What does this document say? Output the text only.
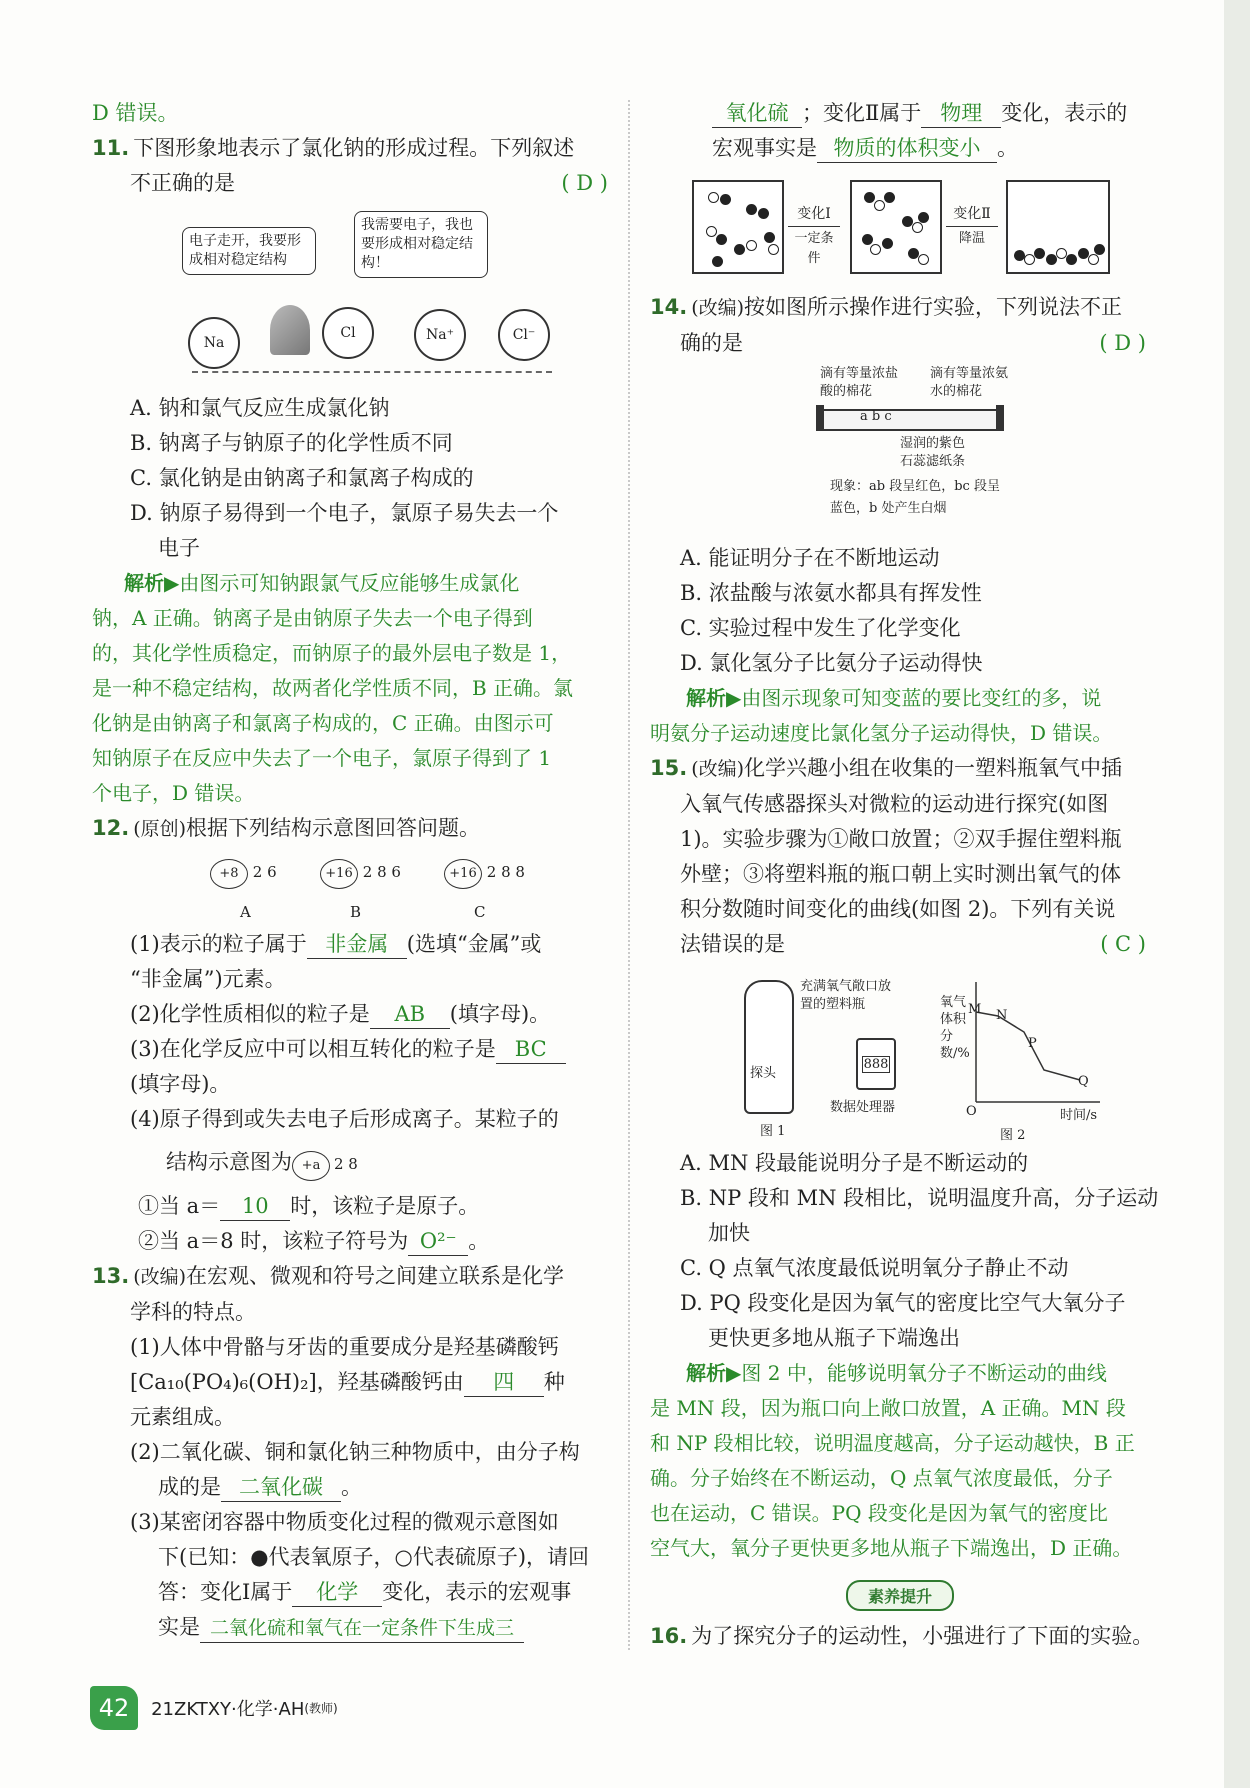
D 错误。
11. 下图形象地表示了氯化钠的形成过程。下列叙述
不正确的是	( D )
电子走开，我要形成相对稳定结构
我需要电子，我也要形成相对稳定结构！
Na
Cl	Na⁺	Cl⁻
A. 钠和氯气反应生成氯化钠
B. 钠离子与钠原子的化学性质不同
C. 氯化钠是由钠离子和氯离子构成的
D. 钠原子易得到一个电子，氯原子易失去一个
电子
解析▶由图示可知钠跟氯气反应能够生成氯化
钠，A 正确。钠离子是由钠原子失去一个电子得到
的，其化学性质稳定，而钠原子的最外层电子数是 1，
是一种不稳定结构，故两者化学性质不同，B 正确。氯
化钠是由钠离子和氯离子构成的，C 正确。由图示可
知钠原子在反应中失去了一个电子，氯原子得到了 1
个电子，D 错误。
12. (原创)根据下列结构示意图回答问题。
+8 2 6
A
+16 2 8 6
B
+16 2 8 8
C
(1)表示的粒子属于 非金属 (选填“金属”或
“非金属”)元素。
(2)化学性质相似的粒子是 AB (填字母)。
(3)在化学反应中可以相互转化的粒子是 BC
(填字母)。
(4)原子得到或失去电子后形成离子。某粒子的
结构示意图为 +a 2 8
①当 a＝ 10 时，该粒子是原子。
②当 a＝8 时，该粒子符号为 O²⁻ 。
13. (改编)在宏观、微观和符号之间建立联系是化学
学科的特点。
(1)人体中骨骼与牙齿的重要成分是羟基磷酸钙
[Ca₁₀(PO₄)₆(OH)₂]，羟基磷酸钙由 四 种
元素组成。
(2)二氧化碳、铜和氯化钠三种物质中，由分子构
成的是 二氧化碳 。
(3)某密闭容器中物质变化过程的微观示意图如
下(已知：●代表氧原子，○代表硫原子)，请回
答：变化Ⅰ属于 化学 变化，表示的宏观事
实是 二氧化硫和氧气在一定条件下生成三
氧化硫 ；变化Ⅱ属于 物理 变化，表示的
宏观事实是 物质的体积变小 。
变化Ⅰ
一定条件
变化Ⅱ
降温
14. (改编)按如图所示操作进行实验，下列说法不正
确的是	( D )
滴有等量浓盐酸的棉花
滴有等量浓氨水的棉花
a b c
湿润的紫色石蕊滤纸条
现象：ab 段呈红色，bc 段呈
蓝色，b 处产生白烟
A. 能证明分子在不断地运动
B. 浓盐酸与浓氨水都具有挥发性
C. 实验过程中发生了化学变化
D. 氯化氢分子比氨分子运动得快
解析▶由图示现象可知变蓝的要比变红的多，说
明氨分子运动速度比氯化氢分子运动得快，D 错误。
15. (改编)化学兴趣小组在收集的一塑料瓶氧气中插
入氧气传感器探头对微粒的运动进行探究(如图
1)。实验步骤为①敞口放置；②双手握住塑料瓶
外壁；③将塑料瓶的瓶口朝上实时测出氧气的体
积分数随时间变化的曲线(如图 2)。下列有关说
法错误的是	( C )
探头
充满氧气敞口放置的塑料瓶
888
数据处理器
图 1
氧气体积分数/%
M N
P
Q
O	时间/s
图 2
A. MN 段最能说明分子是不断运动的
B. NP 段和 MN 段相比，说明温度升高，分子运动
加快
C. Q 点氧气浓度最低说明氧分子静止不动
D. PQ 段变化是因为氧气的密度比空气大氧分子
更快更多地从瓶子下端逸出
解析▶图 2 中，能够说明氧分子不断运动的曲线
是 MN 段，因为瓶口向上敞口放置，A 正确。MN 段
和 NP 段相比较，说明温度越高，分子运动越快，B 正
确。分子始终在不断运动，Q 点氧气浓度最低，分子
也在运动，C 错误。PQ 段变化是因为氧气的密度比
空气大，氧分子更快更多地从瓶子下端逸出，D 正确。
素养提升
16. 为了探究分子的运动性，小强进行了下面的实验。
42 21ZKTXY·化学·AH(教师)
